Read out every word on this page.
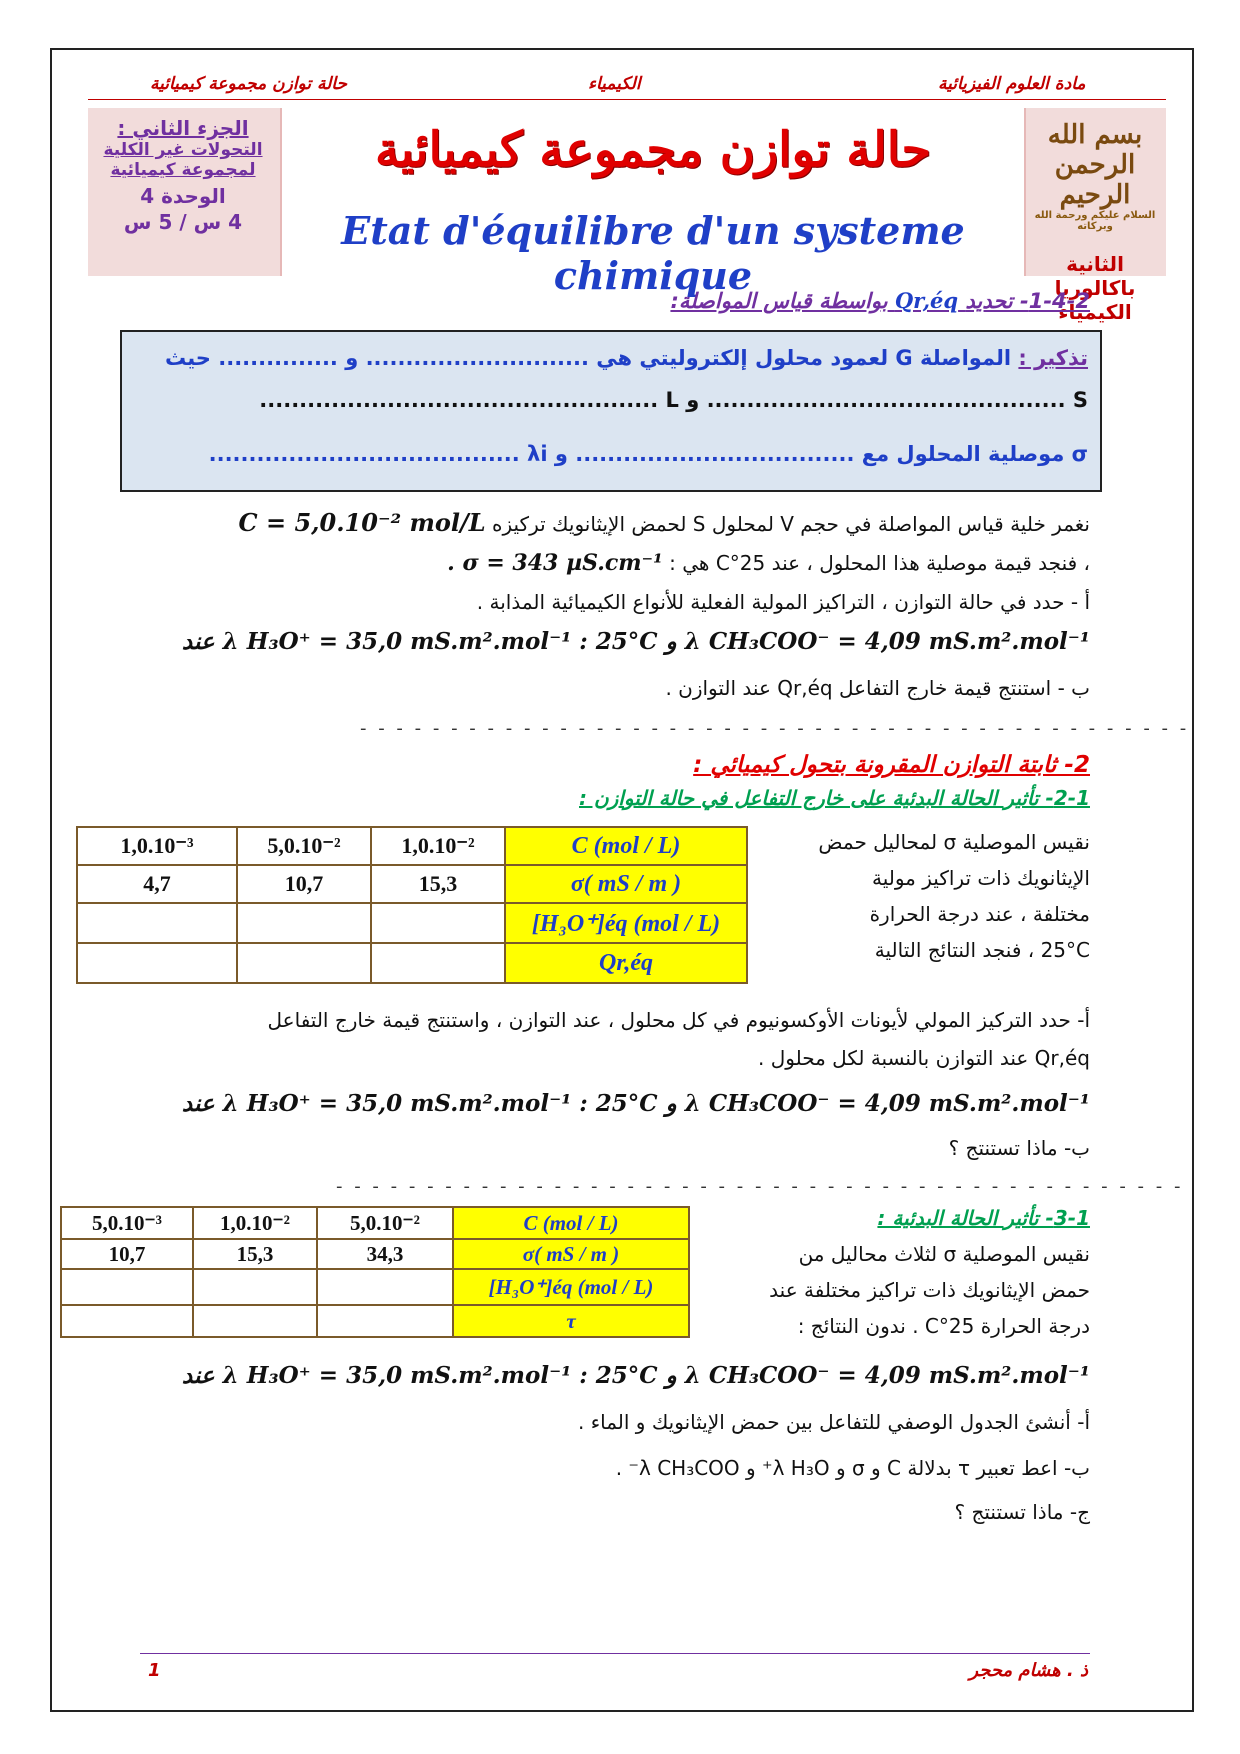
حالة توازن مجموعة كيميائية	الكيمياء	مادة العلوم الفيزيائية
الجزء الثاني :
التحولات غير الكلية
لمجموعة كيميائية
الوحدة 4
4 س / 5 س
حالة توازن مجموعة كيميائية
Etat d'équilibre d'un systeme chimique
بسم الله الرحمن الرحيم
السلام عليكم ورحمة الله وبركاته
الثانية باكالوريا
الكيمياء
1-4-2- تحديد Qr,éq بواسطة قياس المواصلة:
تذكير : المواصلة G لعمود محلول إلكتروليتي هي ............................ و ............... حيث
S ............................................. و L ..................................................
σ موصلية المحلول مع ................................... و λi .......................................
نغمر خلية قياس المواصلة في حجم V لمحلول S لحمض الإيثانويك تركيزه C = 5,0.10⁻² mol/L
، فنجد قيمة موصلية هذا المحلول ، عند 25°C هي : σ = 343 µS.cm⁻¹ .
أ - حدد في حالة التوازن ، التراكيز المولية الفعلية للأنواع الكيميائية المذابة .
λ CH₃COO⁻ = 4,09 mS.m².mol⁻¹ و λ H₃O⁺ = 35,0 mS.m².mol⁻¹ : 25°C عند
ب - استنتج قيمة خارج التفاعل Qr,éq عند التوازن .
- - - - - - - - - - - - - - - - - - - - - - - - - - - - - - - - - - - - - - - - - - - - - -
2- ثابتة التوازن المقرونة بتحول كيميائي :
2-1- تأثير الحالة البدئية على خارج التفاعل في حالة التوازن :
1,0.10⁻³	5,0.10⁻²	1,0.10⁻²	C (mol / L)
4,7	10,7	15,3	σ( mS / m )
			[H₃O⁺]éq (mol / L)
			Qr,éq
نقيس الموصلية σ لمحاليل حمض
الإيثانويك ذات تراكيز مولية
مختلفة ، عند درجة الحرارة
25°C ، فنجد النتائج التالية
أ- حدد التركيز المولي لأيونات الأوكسونيوم في كل محلول ، عند التوازن ، واستنتج قيمة خارج التفاعل
Qr,éq عند التوازن بالنسبة لكل محلول .
λ CH₃COO⁻ = 4,09 mS.m².mol⁻¹ و λ H₃O⁺ = 35,0 mS.m².mol⁻¹ : 25°C عند
ب- ماذا تستنتج ؟
- - - - - - - - - - - - - - - - - - - - - - - - - - - - - - - - - - - - - - - - - - - - - - -
3-1- تأثير الحالة البدئية :
5,0.10⁻³	1,0.10⁻²	5,0.10⁻²	C (mol / L)
10,7	15,3	34,3	σ( mS / m )
			[H₃O⁺]éq (mol / L)
			τ
نقيس الموصلية σ لثلاث محاليل من
حمض الإيثانويك ذات تراكيز مختلفة عند
درجة الحرارة 25°C . ندون النتائج :
λ CH₃COO⁻ = 4,09 mS.m².mol⁻¹ و λ H₃O⁺ = 35,0 mS.m².mol⁻¹ : 25°C عند
أ- أنشئ الجدول الوصفي للتفاعل بين حمض الإيثانويك و الماء .
ب- اعط تعبير τ بدلالة C و σ و λ H₃O⁺ و λ CH₃COO⁻ .
ج- ماذا تستنتج ؟
ذ . هشام محجر
1
